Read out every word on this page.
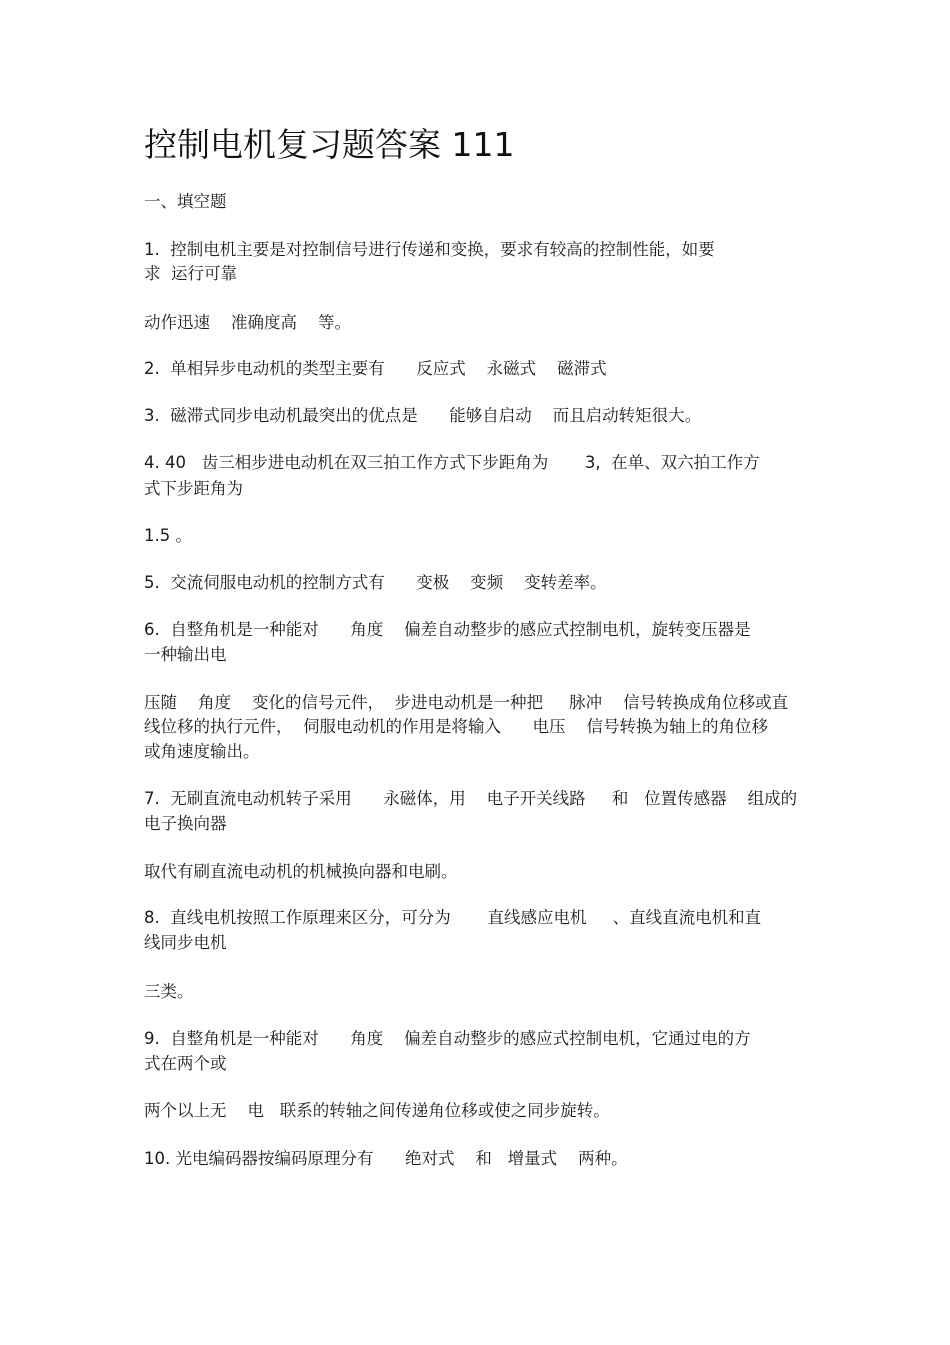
控制电机复习题答案 111
一、填空题
1.  控制电机主要是对控制信号进行传递和变换，要求有较高的控制性能，如要
求  运行可靠
动作迅速    准确度高    等。
2.  单相异步电动机的类型主要有      反应式    永磁式    磁滞式
3.  磁滞式同步电动机最突出的优点是      能够自启动    而且启动转矩很大。
4. 40   齿三相步进电动机在双三拍工作方式下步距角为       3,  在单、双六拍工作方
式下步距角为
1.5 。
5.  交流伺服电动机的控制方式有      变极    变频    变转差率。
6.  自整角机是一种能对      角度    偏差自动整步的感应式控制电机，旋转变压器是
一种输出电
压随    角度    变化的信号元件，  步进电动机是一种把     脉冲    信号转换成角位移或直
线位移的执行元件，  伺服电动机的作用是将输入      电压    信号转换为轴上的角位移
或角速度输出。
7.  无刷直流电动机转子采用      永磁体，用    电子开关线路     和   位置传感器    组成的
电子换向器
取代有刷直流电动机的机械换向器和电刷。
8.  直线电机按照工作原理来区分，可分为       直线感应电机     、直线直流电机和直
线同步电机
三类。
9.  自整角机是一种能对      角度    偏差自动整步的感应式控制电机，它通过电的方
式在两个或
两个以上无    电   联系的转轴之间传递角位移或使之同步旋转。
10. 光电编码器按编码原理分有      绝对式    和   增量式    两种。
